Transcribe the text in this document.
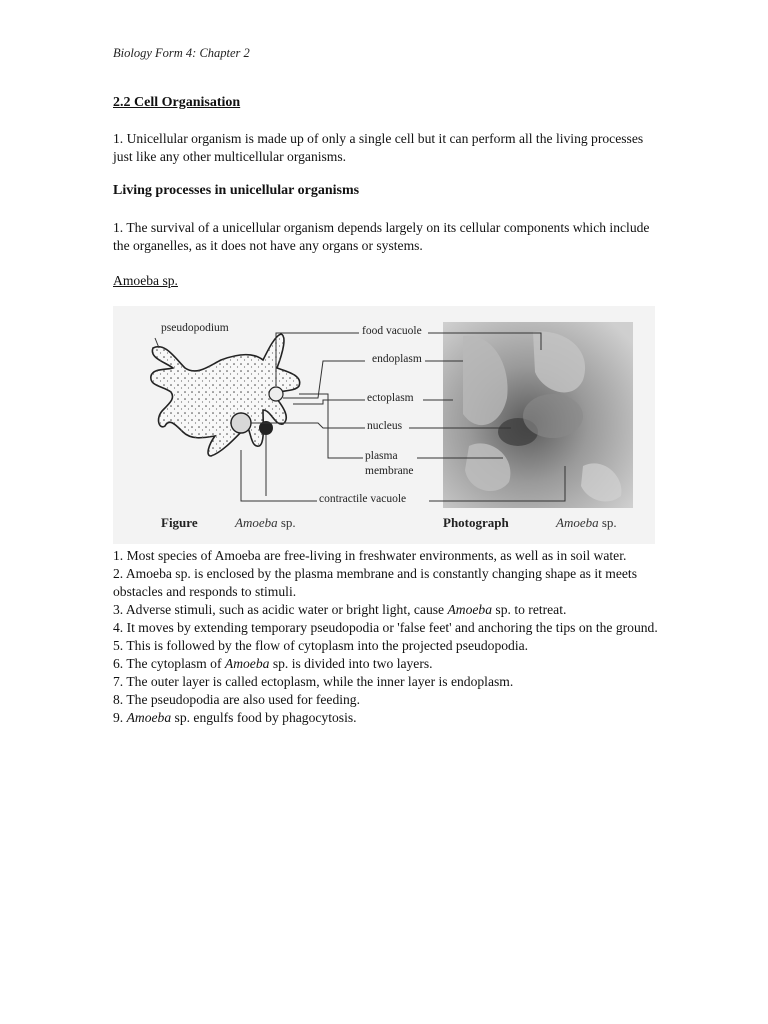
Biology Form 4: Chapter 2
2.2 Cell Organisation

1. Unicellular organism is made up of only a single cell but it can perform all the living processes just like any other multicellular organisms.

Living processes in unicellular organisms

1. The survival of a unicellular organism depends largely on its cellular components which include the organelles, as it does not have any organs or systems.

Amoeba sp.
pseudopodium	food vacuole
endoplasm
ectoplasm
nucleus
plasma
membrane
contractile vacuole
Figure	Amoeba sp.	Photograph	Amoeba sp.
1. Most species of Amoeba are free-living in freshwater environments, as well as in soil water.
2. Amoeba sp. is enclosed by the plasma membrane and is constantly changing shape as it meets obstacles and responds to stimuli.
3. Adverse stimuli, such as acidic water or bright light, cause Amoeba sp. to retreat.
4. It moves by extending temporary pseudopodia or 'false feet' and anchoring the tips on the ground.
5. This is followed by the flow of cytoplasm into the projected pseudopodia.
6. The cytoplasm of Amoeba sp. is divided into two layers.
7. The outer layer is called ectoplasm, while the inner layer is endoplasm.
8. The pseudopodia are also used for feeding.
9. Amoeba sp. engulfs food by phagocytosis.
